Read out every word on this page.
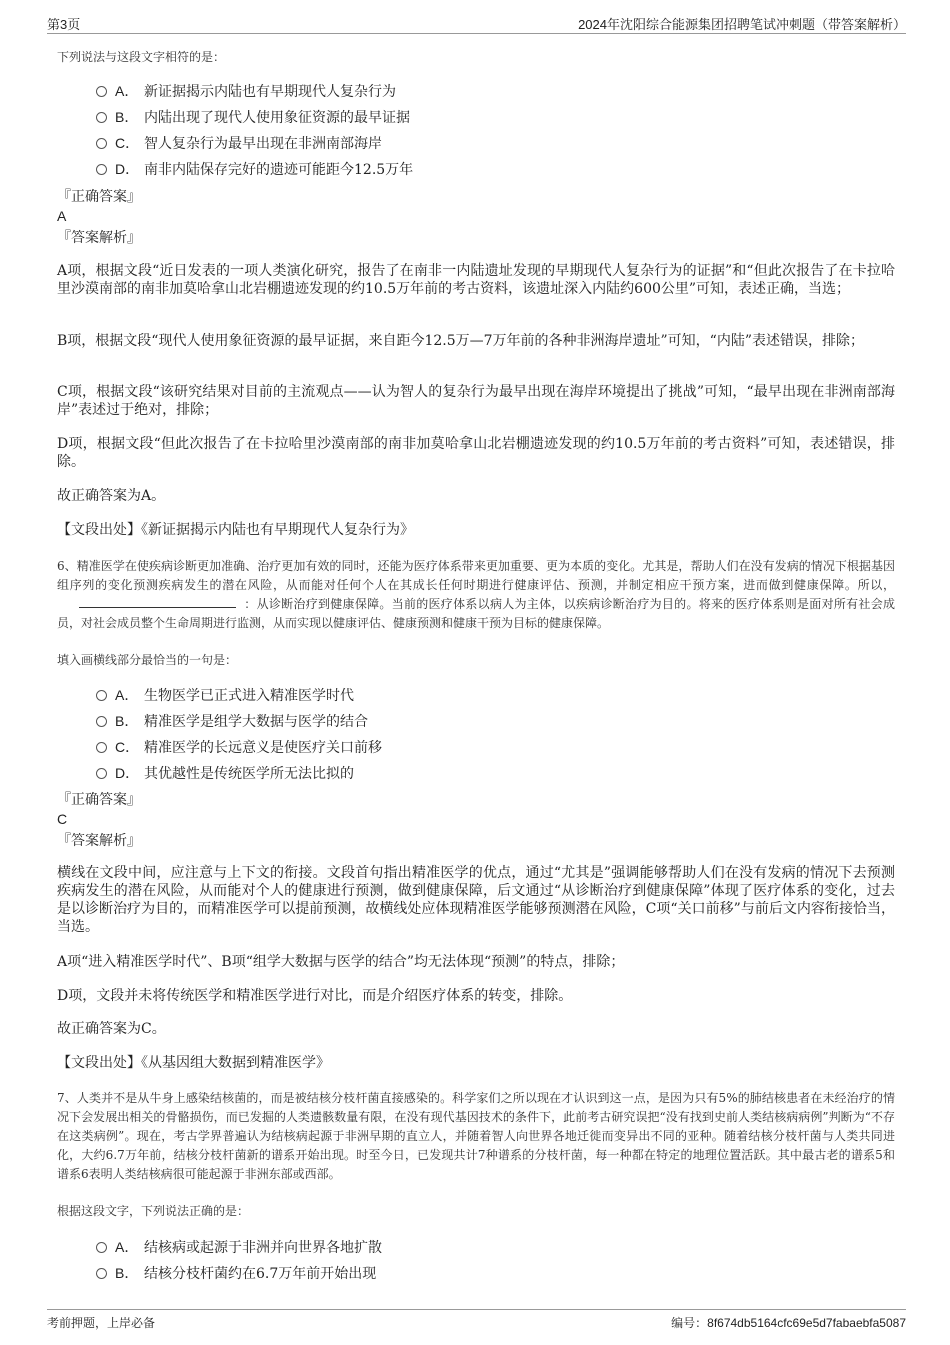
第3页	2024年沈阳综合能源集团招聘笔试冲刺题（带答案解析）
下列说法与这段文字相符的是：
A． 新证据揭示内陆也有早期现代人复杂行为
B． 内陆出现了现代人使用象征资源的最早证据
C． 智人复杂行为最早出现在非洲南部海岸
D． 南非内陆保存完好的遗迹可能距今12.5万年
『正确答案』
A
『答案解析』
A项，根据文段“近日发表的一项人类演化研究，报告了在南非一内陆遗址发现的早期现代人复杂行为的证据”和“但此次报告了在卡拉哈里沙漠南部的南非加莫哈拿山北岩棚遗迹发现的约10.5万年前的考古资料，该遗址深入内陆约600公里”可知，表述正确，当选；
B项，根据文段“现代人使用象征资源的最早证据，来自距今12.5万—7万年前的各种非洲海岸遗址”可知，“内陆”表述错误，排除；
C项，根据文段“该研究结果对目前的主流观点——认为智人的复杂行为最早出现在海岸环境提出了挑战”可知，“最早出现在非洲南部海岸”表述过于绝对，排除；
D项，根据文段“但此次报告了在卡拉哈里沙漠南部的南非加莫哈拿山北岩棚遗迹发现的约10.5万年前的考古资料”可知，表述错误，排除。
故正确答案为A。
【文段出处】《新证据揭示内陆也有早期现代人复杂行为》
6、精准医学在使疾病诊断更加准确、治疗更加有效的同时，还能为医疗体系带来更加重要、更为本质的变化。尤其是，帮助人们在没有发病的情况下根据基因组序列的变化预测疾病发生的潜在风险，从而能对任何个人在其成长任何时期进行健康评估、预测，并制定相应干预方案，进而做到健康保障。所以，：从诊断治疗到健康保障。当前的医疗体系以病人为主体，以疾病诊断治疗为目的。将来的医疗体系则是面对所有社会成员，对社会成员整个生命周期进行监测，从而实现以健康评估、健康预测和健康干预为目标的健康保障。
填入画横线部分最恰当的一句是：
A． 生物医学已正式进入精准医学时代
B． 精准医学是组学大数据与医学的结合
C． 精准医学的长远意义是使医疗关口前移
D． 其优越性是传统医学所无法比拟的
『正确答案』
C
『答案解析』
横线在文段中间，应注意与上下文的衔接。文段首句指出精准医学的优点，通过“尤其是”强调能够帮助人们在没有发病的情况下去预测疾病发生的潜在风险，从而能对个人的健康进行预测，做到健康保障，后文通过“从诊断治疗到健康保障”体现了医疗体系的变化，过去是以诊断治疗为目的，而精准医学可以提前预测，故横线处应体现精准医学能够预测潜在风险，C项“关口前移”与前后文内容衔接恰当，当选。
A项“进入精准医学时代”、B项“组学大数据与医学的结合”均无法体现“预测”的特点，排除；
D项，文段并未将传统医学和精准医学进行对比，而是介绍医疗体系的转变，排除。
故正确答案为C。
【文段出处】《从基因组大数据到精准医学》
7、人类并不是从牛身上感染结核菌的，而是被结核分枝杆菌直接感染的。科学家们之所以现在才认识到这一点，是因为只有5%的肺结核患者在未经治疗的情况下会发展出相关的骨骼损伤，而已发掘的人类遗骸数量有限，在没有现代基因技术的条件下，此前考古研究误把“没有找到史前人类结核病病例”判断为“不存在这类病例”。现在，考古学界普遍认为结核病起源于非洲早期的直立人，并随着智人向世界各地迁徙而变异出不同的亚种。随着结核分枝杆菌与人类共同进化，大约6.7万年前，结核分枝杆菌新的谱系开始出现。时至今日，已发现共计7种谱系的分枝杆菌，每一种都在特定的地理位置活跃。其中最古老的谱系5和谱系6表明人类结核病很可能起源于非洲东部或西部。
根据这段文字，下列说法正确的是：
A． 结核病或起源于非洲并向世界各地扩散
B． 结核分枝杆菌约在6.7万年前开始出现
考前押题，上岸必备	编号：8f674db5164cfc69e5d7fabaebfa5087
